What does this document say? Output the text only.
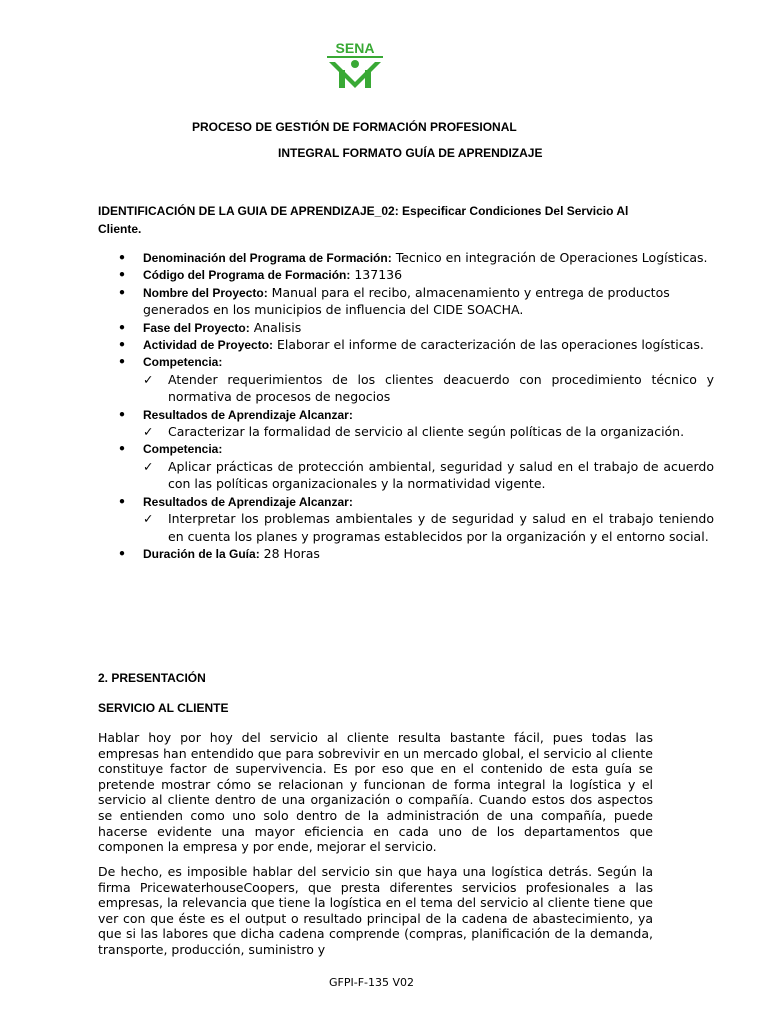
SENA
PROCESO DE GESTIÓN DE FORMACIÓN PROFESIONAL
INTEGRAL FORMATO GUÍA DE APRENDIZAJE
IDENTIFICACIÓN DE LA GUIA DE APRENDIZAJE_02: Especificar Condiciones Del Servicio Al Cliente.
• Denominación del Programa de Formación: Tecnico en integración de Operaciones Logísticas.
• Código del Programa de Formación: 137136
• Nombre del Proyecto: Manual para el recibo, almacenamiento y entrega de productos generados en los municipios de influencia del CIDE SOACHA.
• Fase del Proyecto: Analisis
• Actividad de Proyecto: Elaborar el informe de caracterización de las operaciones logísticas.
• Competencia:
✓ Atender requerimientos de los clientes deacuerdo con procedimiento técnico y normativa de procesos de negocios
• Resultados de Aprendizaje Alcanzar:
✓ Caracterizar la formalidad de servicio al cliente según políticas de la organización.
• Competencia:
✓ Aplicar prácticas de protección ambiental, seguridad y salud en el trabajo de acuerdo con las políticas organizacionales y la normatividad vigente.
• Resultados de Aprendizaje Alcanzar:
✓ Interpretar los problemas ambientales y de seguridad y salud en el trabajo teniendo en cuenta los planes y programas establecidos por la organización y el entorno social.
• Duración de la Guía: 28 Horas
2. PRESENTACIÓN
SERVICIO AL CLIENTE
Hablar hoy por hoy del servicio al cliente resulta bastante fácil, pues todas las empresas han entendido que para sobrevivir en un mercado global, el servicio al cliente constituye factor de supervivencia. Es por eso que en el contenido de esta guía se pretende mostrar cómo se relacionan y funcionan de forma integral la logística y el servicio al cliente dentro de una organización o compañía. Cuando estos dos aspectos se entienden como uno solo dentro de la administración de una compañía, puede hacerse evidente una mayor eficiencia en cada uno de los departamentos que componen la empresa y por ende, mejorar el servicio.
De hecho, es imposible hablar del servicio sin que haya una logística detrás. Según la firma PricewaterhouseCoopers, que presta diferentes servicios profesionales a las empresas, la relevancia que tiene la logística en el tema del servicio al cliente tiene que ver con que éste es el output o resultado principal de la cadena de abastecimiento, ya que si las labores que dicha cadena comprende (compras, planificación de la demanda, transporte, producción, suministro y
GFPI-F-135 V02
